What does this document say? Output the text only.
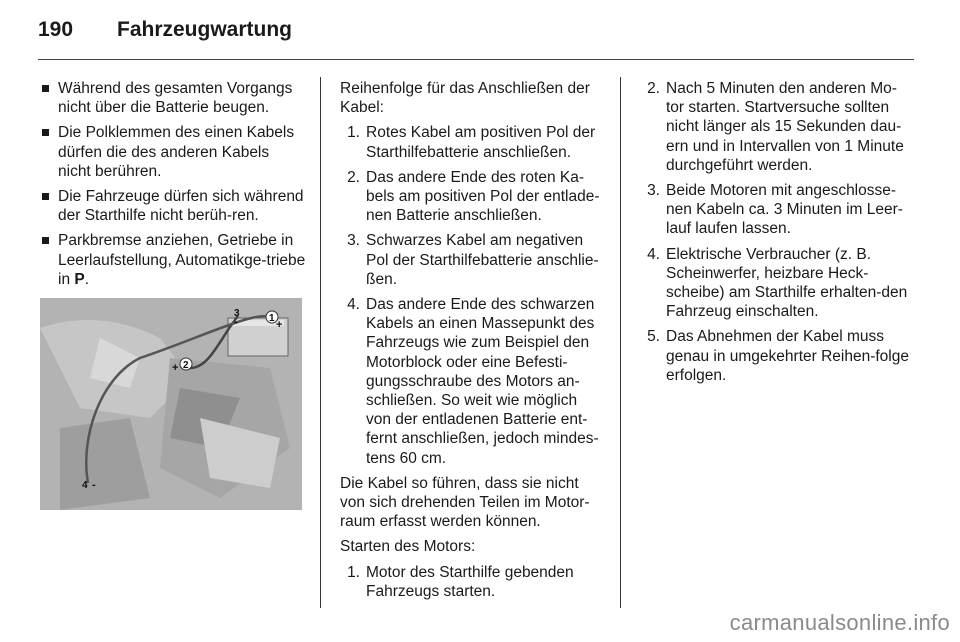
190 Fahrzeugwartung
Während des gesamten Vorgangs nicht über die Batterie beugen.
Die Polklemmen des einen Kabels dürfen die des anderen Kabels nicht berühren.
Die Fahrzeuge dürfen sich während der Starthilfe nicht berüh-ren.
Parkbremse anziehen, Getriebe in Leerlaufstellung, Automatikge-triebe in P.
1
+
3
-
2
+
4 -

Reihenfolge für das Anschließen der Kabel:

1. Rotes Kabel am positiven Pol der Starthilfebatterie anschließen.
2. Das andere Ende des roten Ka-bels am positiven Pol der entlade-nen Batterie anschließen.
3. Schwarzes Kabel am negativen Pol der Starthilfebatterie anschlie-ßen.
4. Das andere Ende des schwarzen Kabels an einen Massepunkt des Fahrzeugs wie zum Beispiel den Motorblock oder eine Befesti-gungsschraube des Motors an-schließen. So weit wie möglich von der entladenen Batterie ent-fernt anschließen, jedoch mindes-tens 60 cm.

Die Kabel so führen, dass sie nicht von sich drehenden Teilen im Motor-raum erfasst werden können.

Starten des Motors:

1. Motor des Starthilfe gebenden Fahrzeugs starten.
2. Nach 5 Minuten den anderen Mo-tor starten. Startversuche sollten nicht länger als 15 Sekunden dau-ern und in Intervallen von 1 Minute durchgeführt werden.
3. Beide Motoren mit angeschlosse-nen Kabeln ca. 3 Minuten im Leer-lauf laufen lassen.
4. Elektrische Verbraucher (z. B. Scheinwerfer, heizbare Heck-scheibe) am Starthilfe erhalten-den Fahrzeug einschalten.
5. Das Abnehmen der Kabel muss genau in umgekehrter Reihen-folge erfolgen.
carmanualsonline.info
